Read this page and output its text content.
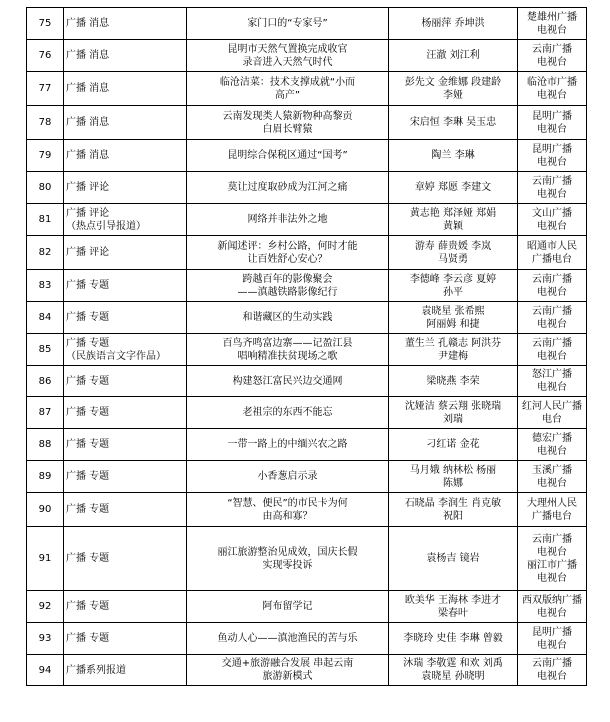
75	广播 消息	家门口的“专家号”	杨丽萍 乔坤洪	楚雄州广播
电视台

76	广播 消息	昆明市天然气置换完成收官
录音进入天然气时代	汪澈 刘江利	云南广播
电视台

77	广播 消息	临沧洁菜：技术支撑成就“小而
高产”	彭先文 金维娜 段建龄
李娅	临沧市广播
电视台

78	广播 消息	云南发现类人猿新物种高黎贡
白眉长臂猿	宋启恒 李琳 吴玉忠	昆明广播
电视台

79	广播 消息	昆明综合保税区通过“国考”	陶兰 李琳	昆明广播
电视台

80	广播 评论	莫让过度取砂成为江河之痛	章婷 郑愿 李建文	云南广播
电视台

81	广播 评论
（热点引导报道）	网络并非法外之地	黄志艳 郑泽娅 郑娟
黄颖	文山广播
电视台

82	广播 评论	新闻述评：乡村公路，何时才能
让百姓舒心安心？	游寿 薛贵媛 李岚
马贤勇	昭通市人民
广播电台

83	广播 专题	跨越百年的影像聚会
——滇越铁路影像纪行	李德峰 李云彦 夏婷
孙平	云南广播
电视台

84	广播 专题	和谐藏区的生动实践	袁晓星 张希熙
阿丽姆 和捷	云南广播
电视台

85	广播 专题
（民族语言文字作品）	百鸟齐鸣富边寨——记盈江县
唱响精准扶贫现场之歌	董生兰 孔赣志 阿洪芬
尹建梅	云南广播
电视台

86	广播 专题	构建怒江富民兴边交通网	梁晓燕 李荣	怒江广播
电视台

87	广播 专题	老祖宗的东西不能忘	沈娅洁 蔡云翔 张晓瑞
刘瑞	红河人民广播
电台

88	广播 专题	一带一路上的中缅兴农之路	刁红诺 金花	德宏广播
电视台

89	广播 专题	小香葱启示录	马月娥 纳林松 杨丽
陈娜	玉溪广播
电视台

90	广播 专题	“智慧、便民”的市民卡为何
由高和寡？	石晓晶 李润生 肖克敏
祝阳	大理州人民
广播电台

91	广播 专题	丽江旅游整治见成效，国庆长假
实现零投诉	袁杨吉 镜岩	云南广播
电视台
丽江市广播
电视台

92	广播 专题	阿布留学记	欧美华 王海林 李进才
梁春叶	西双版纳广播
电视台

93	广播 专题	鱼动人心——滇池渔民的苦与乐	李晓玲 史佳 李琳 曾毅	昆明广播
电视台

94	广播系列报道	交通+旅游融合发展 串起云南
旅游新模式	沐瑞 李敬霆 和欢 刘禹
袁晓星 孙晓明	云南广播
电视台
